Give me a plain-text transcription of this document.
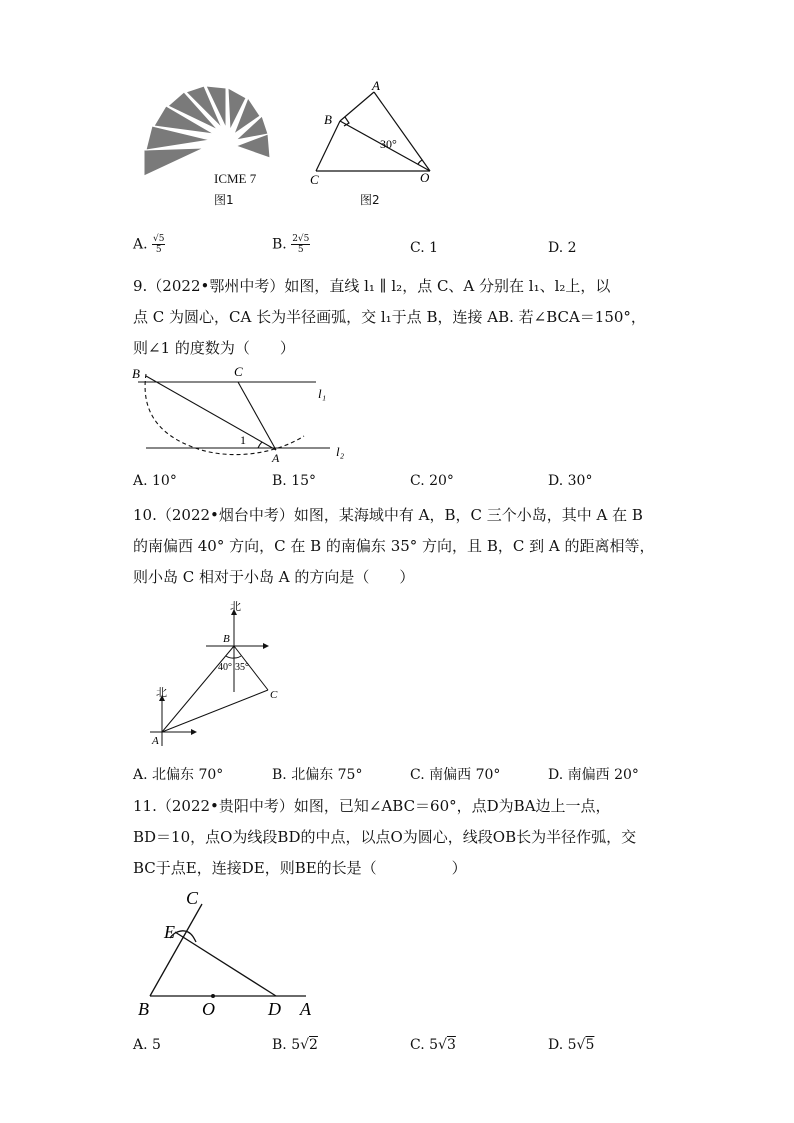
ICME 7
图1
A
B
C	O
30°
图2
A. $\frac{√5}{5}$	B. $\frac{2√5}{5}$	C. 1	D. 2
9.（2022•鄂州中考）如图，直线 l₁ ∥ l₂，点 C、A 分别在 l₁、l₂上，以
点 C 为圆心，CA 长为半径画弧，交 l₁于点 B，连接 AB. 若∠BCA＝150°，
则∠1 的度数为（　　）
B	C
A
1
l₁
l₂
A. 10°	B. 15°	C. 20°	D. 30°
10.（2022•烟台中考）如图，某海域中有 A，B，C 三个小岛，其中 A 在 B
的南偏西 40° 方向，C 在 B 的南偏东 35° 方向，且 B，C 到 A 的距离相等，
则小岛 C 相对于小岛 A 的方向是（　　）
北
北
B
A
C
40° 35°
A. 北偏东 70°	B. 北偏东 75°	C. 南偏西 70°	D. 南偏西 20°
11.（2022•贵阳中考）如图，已知∠ABC＝60°，点D为BA边上一点，
BD＝10，点O为线段BD的中点，以点O为圆心，线段OB长为半径作弧，交
BC于点E，连接DE，则BE的长是（　　　　　）
C
E
B	O	D A
A. 5	B. 5√2	C. 5√3	D. 5√5
